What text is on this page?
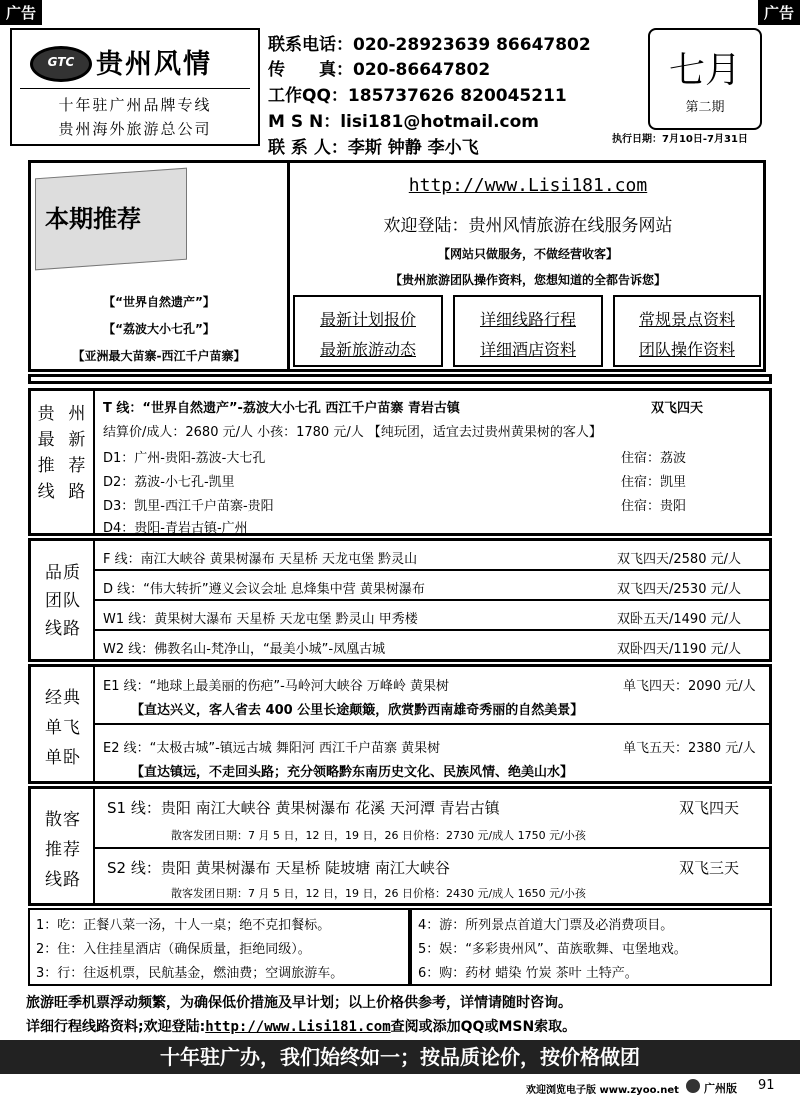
广告	广告
GTC 贵州风情
十年驻广州品牌专线
贵州海外旅游总公司
联系电话：020-28923639 86647802
传　　真：020-86647802
工作QQ：185737626 820045211
M S N：lisi181@hotmail.com
联 系 人：李斯 钟静 李小飞
七月
第二期
执行日期：7月10日-7月31日
本期推荐
【“世界自然遗产”】
【“荔波大小七孔”】
【亚洲最大苗寨-西江千户苗寨】
http://www.Lisi181.com
欢迎登陆：贵州风情旅游在线服务网站
【网站只做服务，不做经营收客】
【贵州旅游团队操作资料，您想知道的全都告诉您】
最新计划报价
最新旅游动态
详细线路行程
详细酒店资料
常规景点资料
团队操作资料
贵 州
最 新
推 荐
线 路
T 线：“世界自然遗产”-荔波大小七孔 西江千户苗寨 青岩古镇	双飞四天
结算价/成人：2680 元/人 小孩：1780 元/人 【纯玩团，适宜去过贵州黄果树的客人】
D1：广州-贵阳-荔波-大七孔	住宿：荔波
D2：荔波-小七孔-凯里	住宿：凯里
D3：凯里-西江千户苗寨-贵阳	住宿：贵阳
D4：贵阳-青岩古镇-广州
品质
团队
线路
F 线：南江大峡谷 黄果树瀑布 天星桥 天龙屯堡 黔灵山	双飞四天/2580 元/人
D 线：“伟大转折”遵义会议会址 息烽集中营 黄果树瀑布	双飞四天/2530 元/人
W1 线：黄果树大瀑布 天星桥 天龙屯堡 黔灵山 甲秀楼	双卧五天/1490 元/人
W2 线：佛教名山-梵净山，“最美小城”-凤凰古城	双卧四天/1190 元/人
经典
单飞
单卧
E1 线：“地球上最美丽的伤疤”-马岭河大峡谷 万峰岭 黄果树	单飞四天：2090 元/人
【直达兴义，客人省去 400 公里长途颠簸，欣赏黔西南雄奇秀丽的自然美景】
E2 线：“太极古城”-镇远古城 舞阳河 西江千户苗寨 黄果树	单飞五天：2380 元/人
【直达镇远，不走回头路；充分领略黔东南历史文化、民族风情、绝美山水】
散客
推荐
线路
S1 线：贵阳 南江大峡谷 黄果树瀑布 花溪 天河潭 青岩古镇	双飞四天
散客发团日期：7 月 5 日，12 日，19 日，26 日价格：2730 元/成人 1750 元/小孩
S2 线：贵阳 黄果树瀑布 天星桥 陡坡塘 南江大峡谷	双飞三天
散客发团日期：7 月 5 日，12 日，19 日，26 日价格：2430 元/成人 1650 元/小孩
1：吃：正餐八菜一汤，十人一桌；绝不克扣餐标。
2：住：入住挂星酒店（确保质量，拒绝同级）。
3：行：往返机票，民航基金，燃油费；空调旅游车。
4：游：所列景点首道大门票及必消费项目。
5：娱：“多彩贵州风”、苗族歌舞、屯堡地戏。
6：购：药材 蜡染 竹炭 茶叶 土特产。
旅游旺季机票浮动频繁，为确保低价措施及早计划；以上价格供参考，详情请随时咨询。
详细行程线路资料;欢迎登陆:http://www.Lisi181.com查阅或添加QQ或MSN索取。
十年驻广办，我们始终如一；按品质论价，按价格做团
欢迎浏览电子版 www.zyoo.net 广州版 91
